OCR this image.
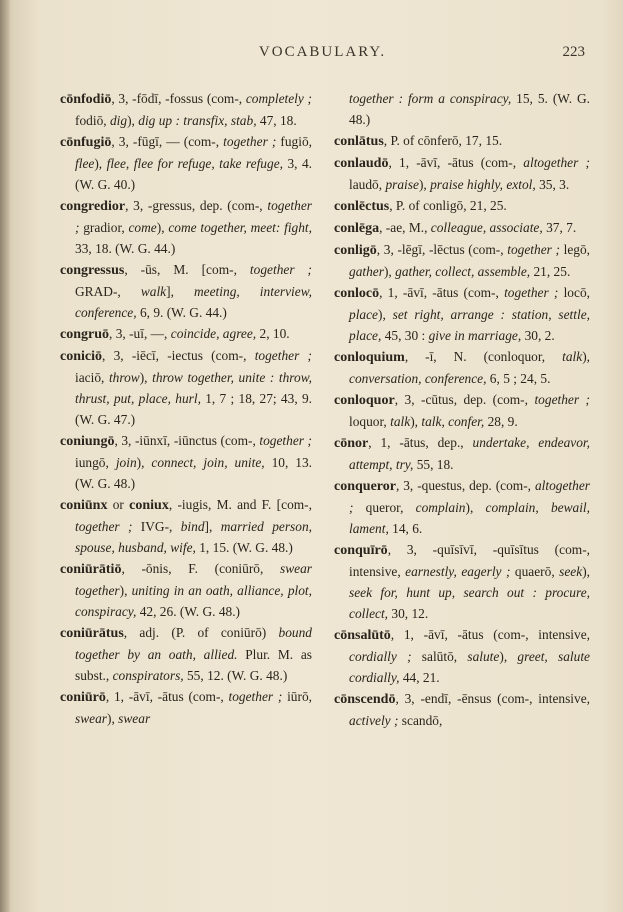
VOCABULARY.	223

cōnfodiō, 3, -fōdī, -fossus (com-, completely ; fodiō, dig), dig up : transfix, stab, 47, 18.

cōnfugiō, 3, -fūgī, — (com-, together ; fugiō, flee), flee, flee for refuge, take refuge, 3, 4. (W. G. 40.)

congredior, 3, -gressus, dep. (com-, together ; gradior, come), come together, meet: fight, 33, 18. (W. G. 44.)

congressus, -ūs, M. [com-, together ; GRAD-, walk], meeting, interview, conference, 6, 9. (W. G. 44.)

congruō, 3, -uī, —, coincide, agree, 2, 10.

coniciō, 3, -iēcī, -iectus (com-, together ; iaciō, throw), throw together, unite : throw, thrust, put, place, hurl, 1, 7 ; 18, 27; 43, 9. (W. G. 47.)

coniungō, 3, -iūnxī, -iūnctus (com-, together ; iungō, join), connect, join, unite, 10, 13. (W. G. 48.)

coniūnx or coniux, -iugis, M. and F. [com-, together ; IVG-, bind], married person, spouse, husband, wife, 1, 15. (W. G. 48.)

coniūrātiō, -ōnis, F. (coniūrō, swear together), uniting in an oath, alliance, plot, conspiracy, 42, 26. (W. G. 48.)

coniūrātus, adj. (P. of coniūrō) bound together by an oath, allied. Plur. M. as subst., conspirators, 55, 12. (W. G. 48.)

coniūrō, 1, -āvī, -ātus (com-, together ; iūrō, swear), swear

together : form a conspiracy, 15, 5. (W. G. 48.)

conlātus, P. of cōnferō, 17, 15.

conlaudō, 1, -āvī, -ātus (com-, altogether ; laudō, praise), praise highly, extol, 35, 3.

conlēctus, P. of conligō, 21, 25.

conlēga, -ae, M., colleague, associate, 37, 7.

conligō, 3, -lēgī, -lēctus (com-, together ; legō, gather), gather, collect, assemble, 21, 25.

conlocō, 1, -āvī, -ātus (com-, together ; locō, place), set right, arrange : station, settle, place, 45, 30 : give in marriage, 30, 2.

conloquium, -ī, N. (conloquor, talk), conversation, conference, 6, 5 ; 24, 5.

conloquor, 3, -cūtus, dep. (com-, together ; loquor, talk), talk, confer, 28, 9.

cōnor, 1, -ātus, dep., undertake, endeavor, attempt, try, 55, 18.

conqueror, 3, -questus, dep. (com-, altogether ; queror, complain), complain, bewail, lament, 14, 6.

conquīrō, 3, -quīsīvī, -quīsītus (com-, intensive, earnestly, eagerly ; quaerō, seek), seek for, hunt up, search out : procure, collect, 30, 12.

cōnsalūtō, 1, -āvī, -ātus (com-, intensive, cordially ; salūtō, salute), greet, salute cordially, 44, 21.

cōnscendō, 3, -endī, -ēnsus (com-, intensive, actively ; scandō,
